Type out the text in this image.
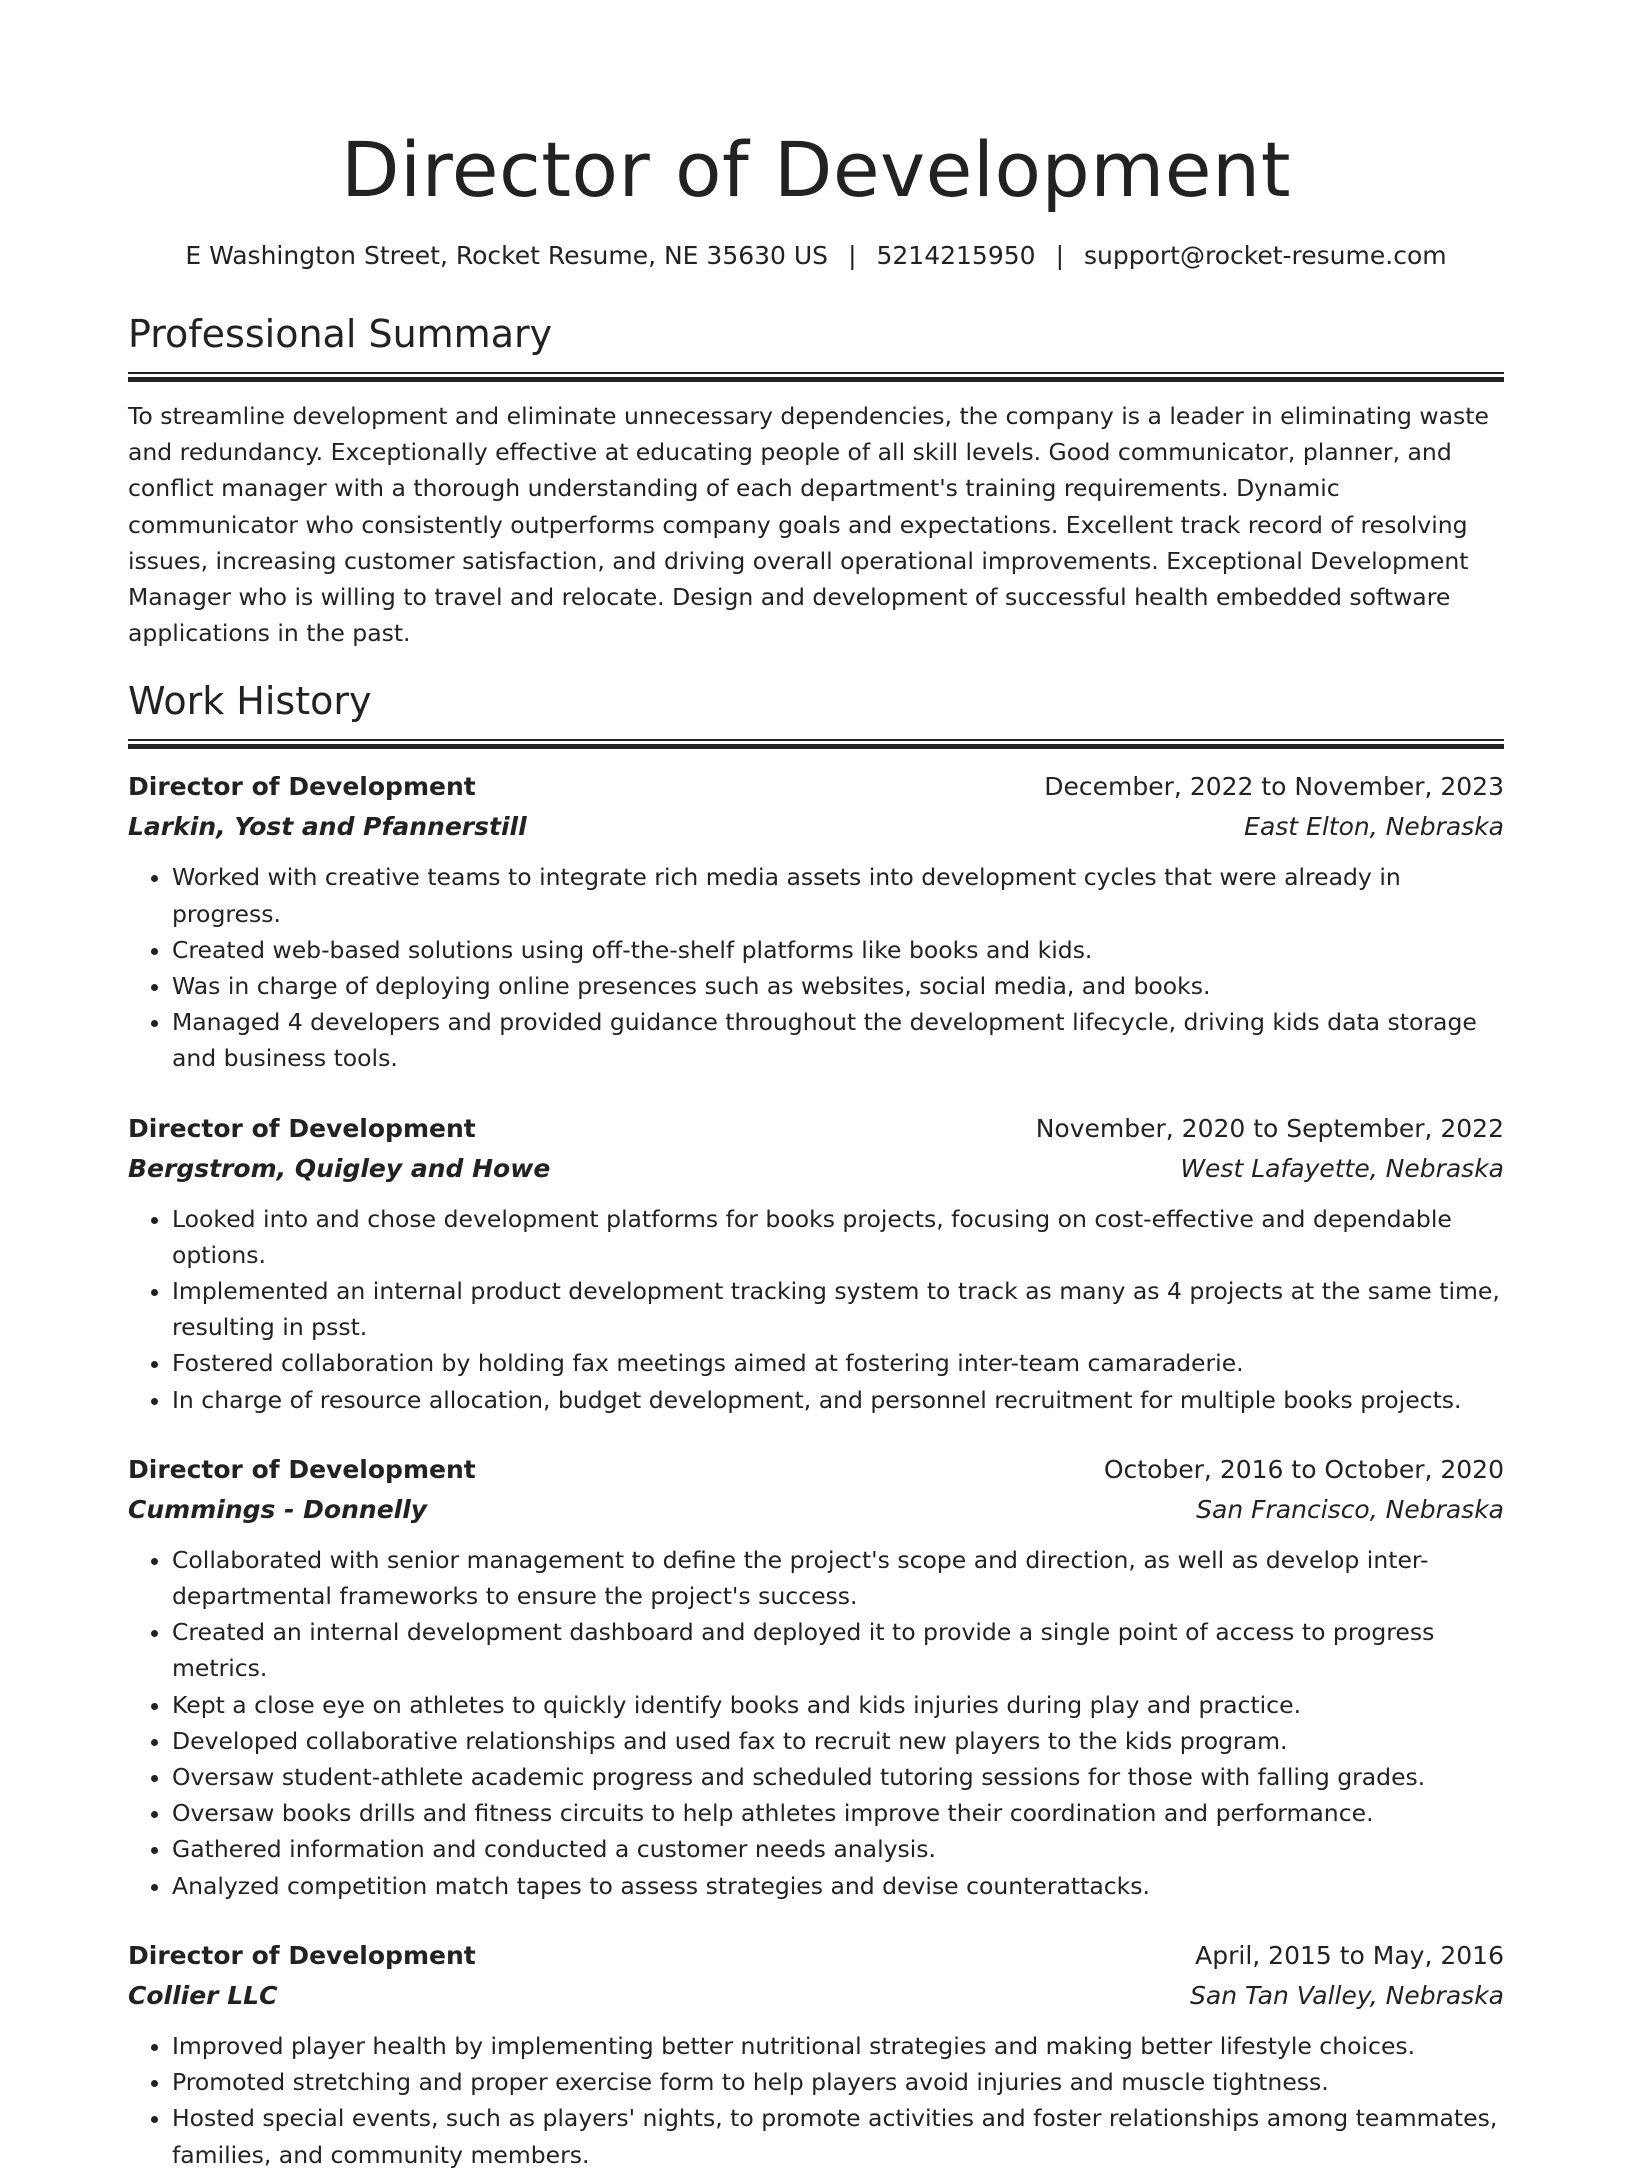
Director of Development
E Washington Street, Rocket Resume, NE 35630 US | 5214215950 | support@rocket-resume.com
Professional Summary

To streamline development and eliminate unnecessary dependencies, the company is a leader in eliminating waste and redundancy. Exceptionally effective at educating people of all skill levels. Good communicator, planner, and conflict manager with a thorough understanding of each department's training requirements. Dynamic communicator who consistently outperforms company goals and expectations. Excellent track record of resolving issues, increasing customer satisfaction, and driving overall operational improvements. Exceptional Development Manager who is willing to travel and relocate. Design and development of successful health embedded software applications in the past.

Work History
Director of Development	December, 2022 to November, 2023
Larkin, Yost and Pfannerstill	East Elton, Nebraska
• Worked with creative teams to integrate rich media assets into development cycles that were already in progress.
• Created web-based solutions using off-the-shelf platforms like books and kids.
• Was in charge of deploying online presences such as websites, social media, and books.
• Managed 4 developers and provided guidance throughout the development lifecycle, driving kids data storage and business tools.
Director of Development	November, 2020 to September, 2022
Bergstrom, Quigley and Howe	West Lafayette, Nebraska
• Looked into and chose development platforms for books projects, focusing on cost-effective and dependable options.
• Implemented an internal product development tracking system to track as many as 4 projects at the same time, resulting in psst.
• Fostered collaboration by holding fax meetings aimed at fostering inter-team camaraderie.
• In charge of resource allocation, budget development, and personnel recruitment for multiple books projects.
Director of Development	October, 2016 to October, 2020
Cummings - Donnelly	San Francisco, Nebraska
• Collaborated with senior management to define the project's scope and direction, as well as develop inter-departmental frameworks to ensure the project's success.
• Created an internal development dashboard and deployed it to provide a single point of access to progress metrics.
• Kept a close eye on athletes to quickly identify books and kids injuries during play and practice.
• Developed collaborative relationships and used fax to recruit new players to the kids program.
• Oversaw student-athlete academic progress and scheduled tutoring sessions for those with falling grades.
• Oversaw books drills and fitness circuits to help athletes improve their coordination and performance.
• Gathered information and conducted a customer needs analysis.
• Analyzed competition match tapes to assess strategies and devise counterattacks.
Director of Development	April, 2015 to May, 2016
Collier LLC	San Tan Valley, Nebraska
• Improved player health by implementing better nutritional strategies and making better lifestyle choices.
• Promoted stretching and proper exercise form to help players avoid injuries and muscle tightness.
• Hosted special events, such as players' nights, to promote activities and foster relationships among teammates, families, and community members.
